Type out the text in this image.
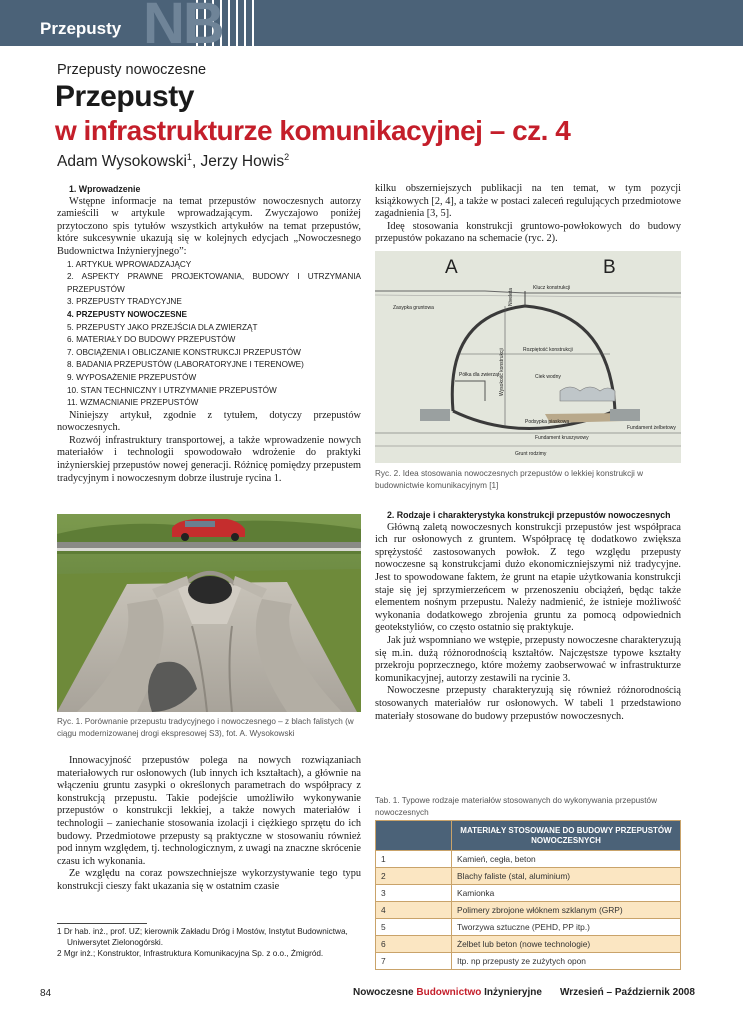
NB
Przepusty
Przepusty nowoczesne
Przepusty
w infrastrukturze komunikacyjnej – cz. 4
Adam Wysokowski$^1$, Jerzy Howis$^2$
1. Wprowadzenie

Wstępne informacje na temat przepustów nowoczesnych autorzy zamieścili w artykule wprowadzającym. Zwyczajowo poniżej przytoczono spis tytułów wszystkich artykułów na temat przepustów, które sukcesywnie ukazują się w kolejnych edycjach „Nowoczesnego Budownictwa Inżynieryjnego”:

1. ARTYKUŁ WPROWADZAJĄCY
2. ASPEKTY PRAWNE PROJEKTOWANIA, BUDOWY I UTRZYMANIA PRZEPUSTÓW
3. PRZEPUSTY TRADYCYJNE
4. PRZEPUSTY NOWOCZESNE
5. PRZEPUSTY JAKO PRZEJŚCIA DLA ZWIERZĄT
6. MATERIAŁY DO BUDOWY PRZEPUSTÓW
7. OBCIĄŻENIA I OBLICZANIE KONSTRUKCJI PRZEPUSTÓW
8. BADANIA PRZEPUSTÓW (LABORATORYJNE I TERENOWE)
9. WYPOSAŻENIE PRZEPUSTÓW
10. STAN TECHNICZNY I UTRZYMANIE PRZEPUSTÓW
11. WZMACNIANIE PRZEPUSTÓW

Niniejszy artykuł, zgodnie z tytułem, dotyczy przepustów nowoczesnych.

Rozwój infrastruktury transportowej, a także wprowadzenie nowych materiałów i technologii spowodowało wdrożenie do praktyki inżynierskiej przepustów nowej generacji. Różnicę pomiędzy przepustem tradycyjnym i nowoczesnym dobrze ilustruje rycina 1.

Ryc. 1. Porównanie przepustu tradycyjnego i nowoczesnego – z blach falistych (w ciągu modernizowanej drogi ekspresowej S3), fot. A. Wysokowski

Innowacyjność przepustów polega na nowych rozwiązaniach materiałowych rur osłonowych (lub innych ich kształtach), a głównie na włączeniu gruntu zasypki o określonych parametrach do współpracy z konstrukcją przepustu. Takie podejście umożliwiło wykonywanie przepustów o konstrukcji lekkiej, a także nowych materiałów i technologii – zaniechanie stosowania izolacji i ciężkiego sprzętu do ich budowy. Przedmiotowe przepusty są praktyczne w stosowaniu również pod innym względem, tj. technologicznym, z uwagi na znaczne skrócenie czasu ich wykonania.

Ze względu na coraz powszechniejsze wykorzystywanie tego typu konstrukcji cieszy fakt ukazania się w ostatnim czasie

1 Dr hab. inż., prof. UZ; kierownik Zakładu Dróg i Mostów, Instytut Budownictwa, Uniwersytet Zielonogórski.
2 Mgr inż.; Konstruktor, Infrastruktura Komunikacyjna Sp. z o.o., Żmigród.

kilku obszerniejszych publikacji na ten temat, w tym pozycji książkowych [2, 4], a także w postaci zaleceń regulujących przedmiotowe zagadnienia [3, 5].

Ideę stosowania konstrukcji gruntowo-powłokowych do budowy przepustów pokazano na schemacie (ryc. 2).

A	B
Niveleta	Klucz konstrukcji
Zasypka gruntowa
Rozpiętość konstrukcji
Wysokość konstrukcji
Półka dla zwierząt	Ciek wodny
Podsypka piaskowa
Fundament kruszywowy
Fundament żelbetowy
Grunt rodzimy
Ryc. 2. Idea stosowania nowoczesnych przepustów o lekkiej konstrukcji w budownictwie komunikacyjnym [1]
2. Rodzaje i charakterystyka konstrukcji przepustów nowoczesnych

Główną zaletą nowoczesnych konstrukcji przepustów jest współpraca ich rur osłonowych z gruntem. Współpracę tę dodatkowo zwiększa sprężystość zastosowanych powłok. Z tego względu przepusty nowoczesne są konstrukcjami dużo ekonomiczniejszymi niż tradycyjne. Jest to spowodowane faktem, że grunt na etapie użytkowania konstrukcji staje się jej sprzymierzeńcem w przenoszeniu obciążeń, będąc także elementem nośnym przepustu. Należy nadmienić, że istnieje możliwość wykonania dodatkowego zbrojenia gruntu za pomocą odpowiednich geotekstyliów, co często ostatnio się praktykuje.

Jak już wspomniano we wstępie, przepusty nowoczesne charakteryzują się m.in. dużą różnorodnością kształtów. Najczęstsze typowe kształty przekroju poprzecznego, które możemy zaobserwować w infrastrukturze komunikacyjnej, autorzy zestawili na rycinie 3.

Nowoczesne przepusty charakteryzują się również różnorodnością stosowanych materiałów rur osłonowych. W tabeli 1 przedstawiono materiały stosowane do budowy przepustów nowoczesnych.

Tab. 1. Typowe rodzaje materiałów stosowanych do wykonywania przepustów nowoczesnych
	MATERIAŁY STOSOWANE DO BUDOWY PRZEPUSTÓW NOWOCZESNYCH
1	Kamień, cegła, beton
2	Blachy faliste (stal, aluminium)
3	Kamionka
4	Polimery zbrojone włóknem szklanym (GRP)
5	Tworzywa sztuczne (PEHD, PP itp.)
6	Żelbet lub beton (nowe technologie)
7	Itp. np przepusty ze zużytych opon
84	Nowoczesne Budownictwo Inżynieryjne Wrzesień – Październik 2008
